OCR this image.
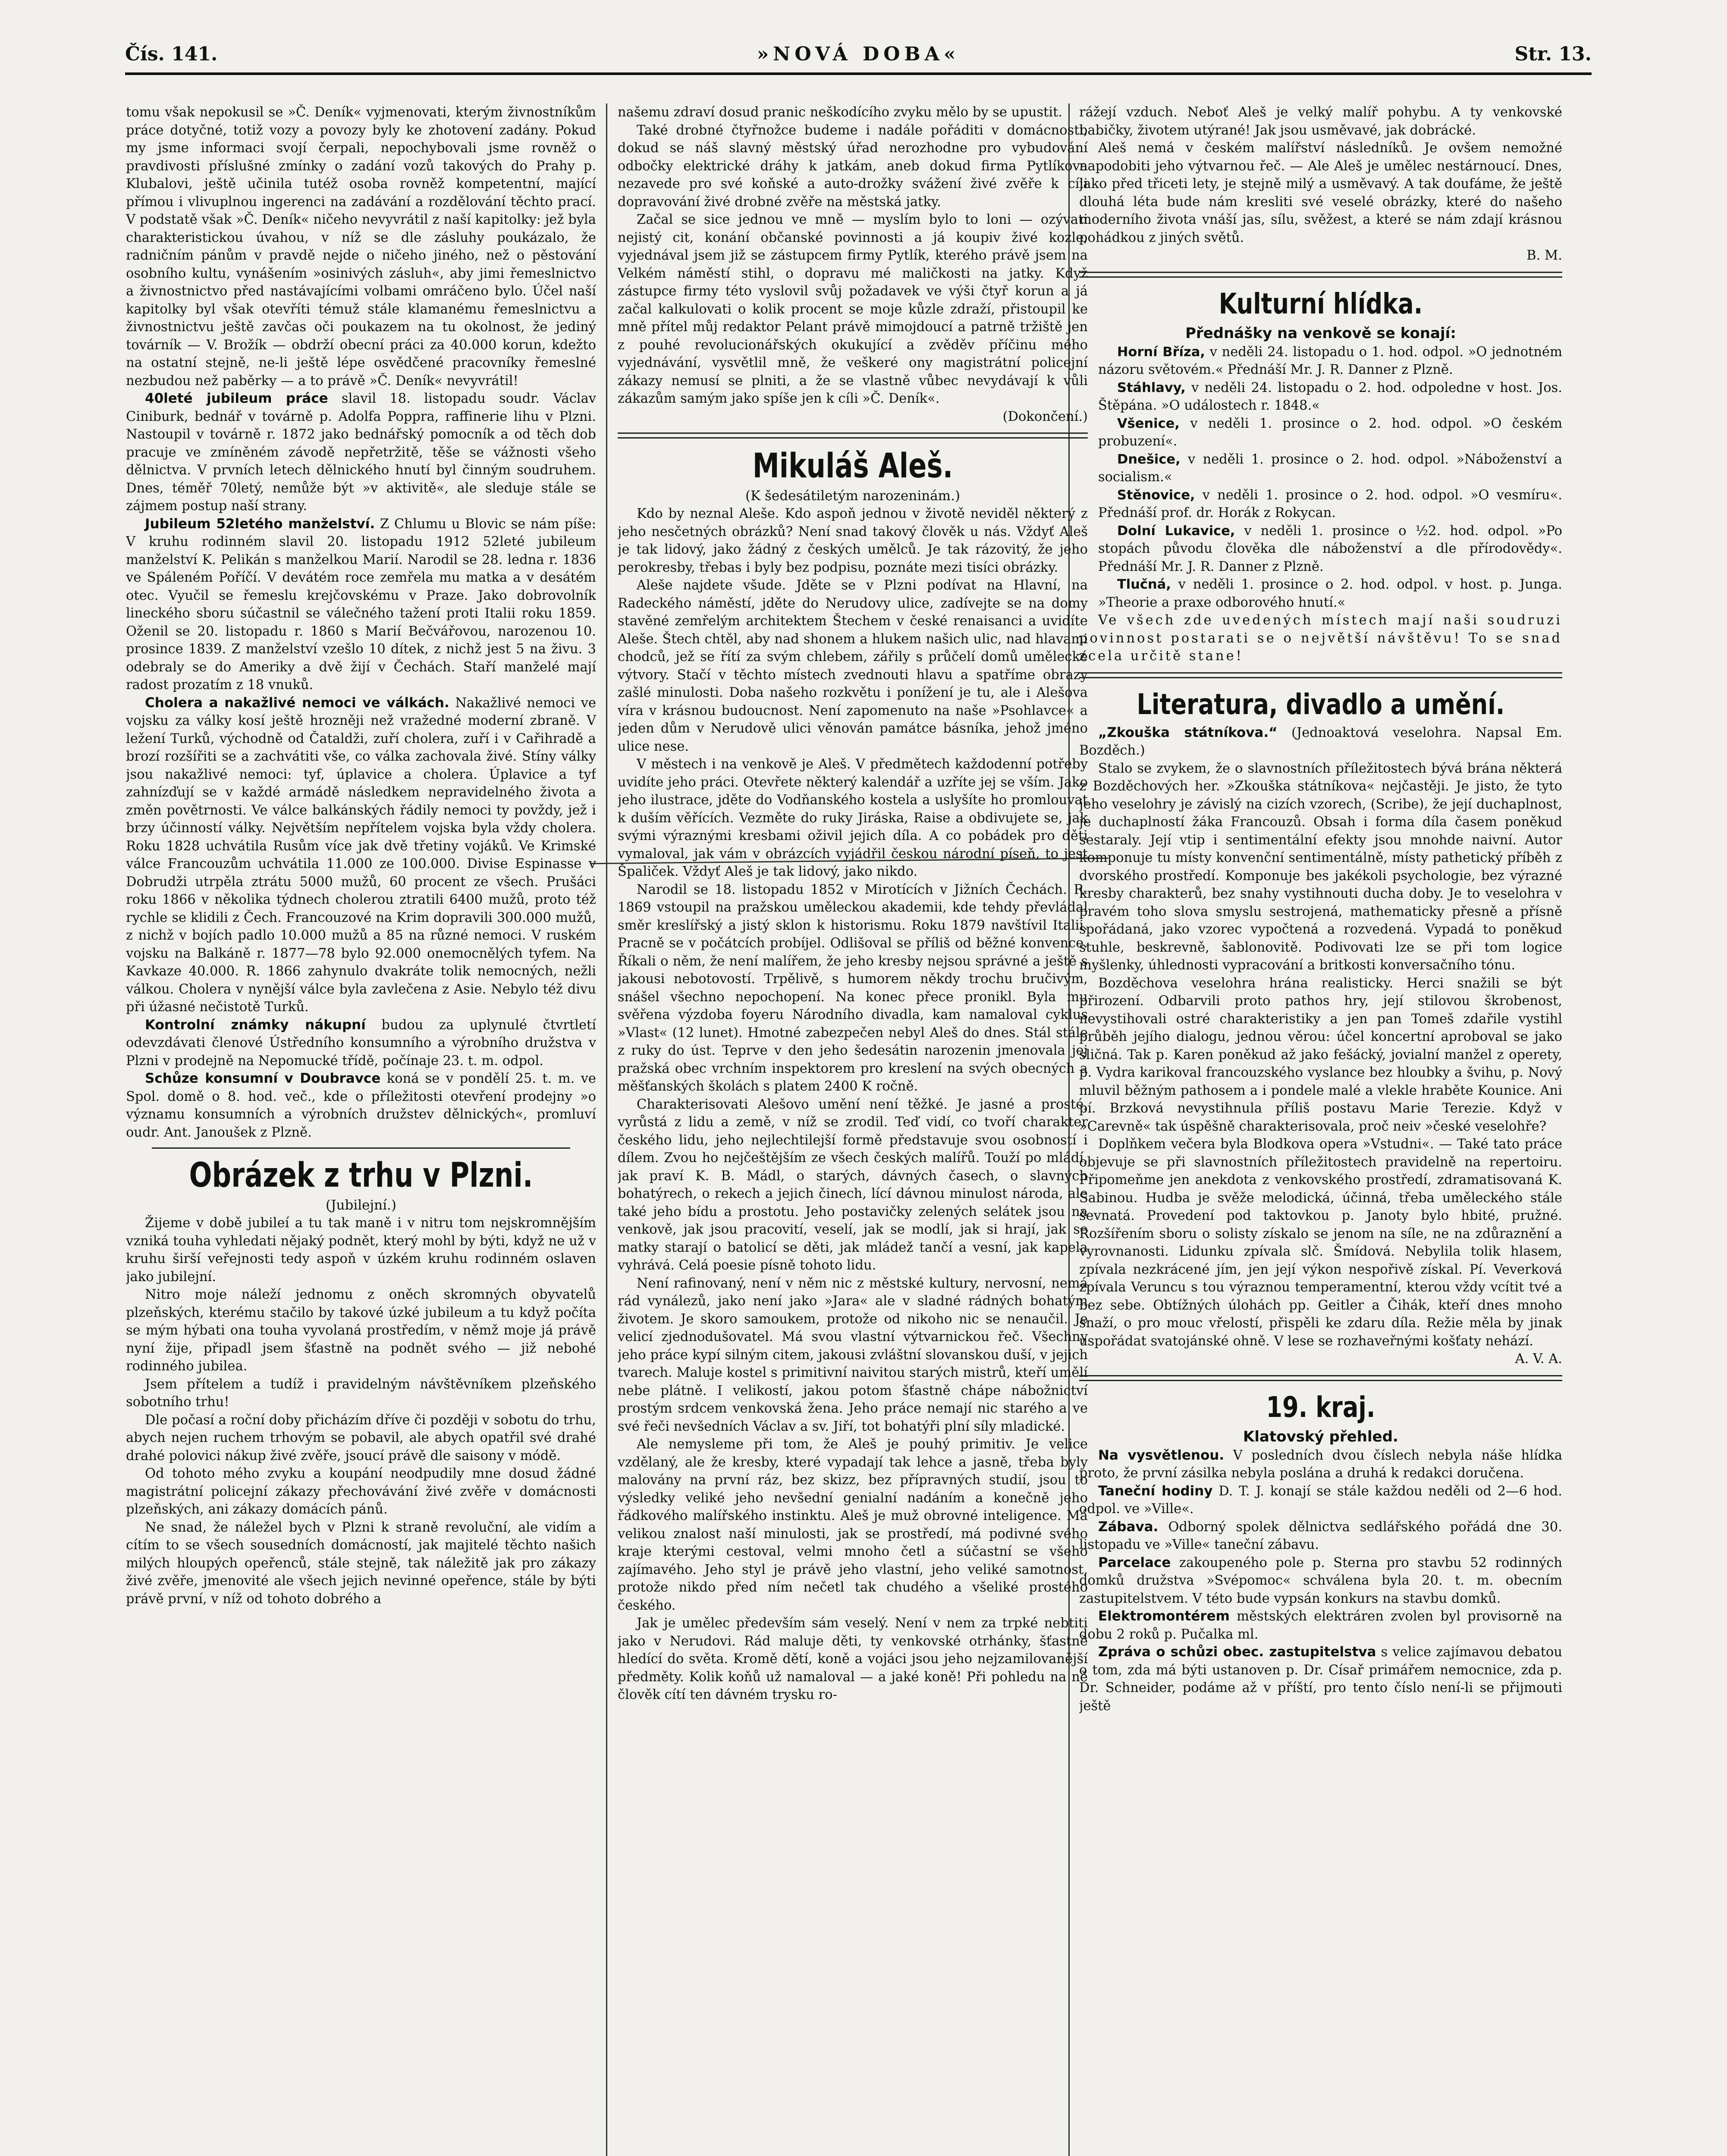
Čís. 141.	»NOVÁ DOBA«	Str. 13.

tomu však nepokusil se »Č. Deník« vyjmenovati, kterým živnostníkům práce dotyčné, totiž vozy a povozy byly ke zhotovení zadány. Pokud my jsme informaci svojí čerpali, nepochybovali jsme rovněž o pravdivosti příslušné zmínky o zadání vozů takových do Prahy p. Klubalovi, ještě učinila tutéž osoba rovněž kompetentní, mající přímou i vlivuplnou ingerenci na zadávání a rozdělování těchto prací. V podstatě však »Č. Deník« ničeho nevyvrátil z naší kapitolky: jež byla charakteristickou úvahou, v níž se dle zásluhy poukázalo, že radničním pánům v pravdě nejde o ničeho jiného, než o pěstování osobního kultu, vynášením »osinivých zásluh«, aby jimi řemeslnictvo a živnostnictvo před nastávajícími volbami omráčeno bylo. Účel naší kapitolky byl však otevříti témuž stále klamanému řemeslnictvu a živnostnictvu ještě zavčas oči poukazem na tu okolnost, že jediný továrník — V. Brožík — obdrží obecní práci za 40.000 korun, kdežto na ostatní stejně, ne-li ještě lépe osvědčené pracovníky řemeslné nezbudou než paběrky — a to právě »Č. Deník« nevyvrátil!

40leté jubileum práce slavil 18. listopadu soudr. Václav Ciniburk, bednář v továrně p. Adolfa Poppra, raffinerie lihu v Plzni. Nastoupil v továrně r. 1872 jako bednářský pomocník a od těch dob pracuje ve zmíněném závodě nepřetržitě, těše se vážnosti všeho dělnictva. V prvních letech dělnického hnutí byl činným soudruhem. Dnes, téměř 70letý, nemůže být »v aktivitě«, ale sleduje stále se zájmem postup naší strany.

Jubileum 52letého manželství. Z Chlumu u Blovic se nám píše: V kruhu rodinném slavil 20. listopadu 1912 52leté jubileum manželství K. Pelikán s manželkou Marií. Narodil se 28. ledna r. 1836 ve Spáleném Poříčí. V devátém roce zemřela mu matka a v desátém otec. Vyučil se řemeslu krejčovskému v Praze. Jako dobrovolník lineckého sboru súčastnil se válečného tažení proti Italii roku 1859. Oženil se 20. listopadu r. 1860 s Marií Bečvářovou, narozenou 10. prosince 1839. Z manželství vzešlo 10 dítek, z nichž jest 5 na živu. 3 odebraly se do Ameriky a dvě žijí v Čechách. Staří manželé mají radost prozatím z 18 vnuků.

Cholera a nakažlivé nemoci ve válkách. Nakažlivé nemoci ve vojsku za války kosí ještě hrozněji než vražedné moderní zbraně. V ležení Turků, východně od Čataldži, zuří cholera, zuří i v Cařihradě a brozí rozšířiti se a zachvátiti vše, co válka zachovala živé. Stíny války jsou nakažlivé nemoci: tyf, úplavice a cholera. Úplavice a tyf zahnízďují se v každé armádě následkem nepravidelného života a změn povětrnosti. Ve válce balkánských řádily nemoci ty povždy, jež i brzy účinností války. Největším nepřítelem vojska byla vždy cholera. Roku 1828 uchvátila Rusům více jak dvě třetiny vojáků. Ve Krimské válce Francouzům uchvátila 11.000 ze 100.000. Divise Espinasse v Dobrudži utrpěla ztrátu 5000 mužů, 60 procent ze všech. Prušáci roku 1866 v několika týdnech cholerou ztratili 6400 mužů, proto též rychle se klidili z Čech. Francouzové na Krim dopravili 300.000 mužů, z nichž v bojích padlo 10.000 mužů a 85 na různé nemoci. V ruském vojsku na Balkáně r. 1877—78 bylo 92.000 onemocnělých tyfem. Na Kavkaze 40.000. R. 1866 zahynulo dvakráte tolik nemocných, nežli válkou. Cholera v nynější válce byla zavlečena z Asie. Nebylo též divu při úžasné nečistotě Turků.

Kontrolní známky nákupní budou za uplynulé čtvrtletí odevzdávati členové Ústředního konsumního a výrobního družstva v Plzni v prodejně na Nepomucké třídě, počínaje 23. t. m. odpol.

Schůze konsumní v Doubravce koná se v pondělí 25. t. m. ve Spol. domě o 8. hod. več., kde o příležitosti otevření prodejny »o významu konsumních a výrobních družstev dělnických«, promluví oudr. Ant. Janoušek z Plzně.

Obrázek z trhu v Plzni.
(Jubilejní.)

Žijeme v době jubileí a tu tak maně i v nitru tom nejskromnějším vzniká touha vyhledati nějaký podnět, který mohl by býti, když ne už v kruhu širší veřejnosti tedy aspoň v úzkém kruhu rodinném oslaven jako jubilejní.

Nitro moje náleží jednomu z oněch skromných obyvatelů plzeňských, kterému stačilo by takové úzké jubileum a tu když počíta se mým hýbati ona touha vyvolaná prostředím, v němž moje já právě nyní žije, připadl jsem šťastně na podnět svého — již nebohé rodinného jubilea.

Jsem přítelem a tudíž i pravidelným návštěvníkem plzeňského sobotního trhu!

Dle počasí a roční doby přicházím dříve či později v sobotu do trhu, abych nejen ruchem trhovým se pobavil, ale abych opatřil své drahé drahé polovici nákup živé zvěře, jsoucí právě dle saisony v módě.

Od tohoto mého zvyku a koupání neodpudily mne dosud žádné magistrátní policejní zákazy přechovávání živé zvěře v domácnosti plzeňských, ani zákazy domácích pánů.

Ne snad, že náležel bych v Plzni k straně revoluční, ale vidím a cítím to se všech sousedních domácností, jak majitelé těchto našich milých hloupých opeřenců, stále stejně, tak náležitě jak pro zákazy živé zvěře, jmenovité ale všech jejich nevinné opeřence, stále by býti právě první, v níž od tohoto dobrého a

našemu zdraví dosud pranic neškodícího zvyku mělo by se upustit.

Také drobné čtyřnožce budeme i nadále pořáditi v domácnosti, dokud se náš slavný městský úřad nerozhodne pro vybudování odbočky elektrické dráhy k jatkám, aneb dokud firma Pytlíkova nezavede pro své koňské a auto-drožky svážení živé zvěře k cíli dopravování živé drobné zvěře na městská jatky.

Začal se sice jednou ve mně — myslím bylo to loni — ozývati nejistý cit, konání občanské povinnosti a já koupiv živé kozle, vyjednával jsem již se zástupcem firmy Pytlík, kterého právě jsem na Velkém náměstí stihl, o dopravu mé maličkosti na jatky. Když zástupce firmy této vyslovil svůj požadavek ve výši čtyř korun a já začal kalkulovati o kolik procent se moje kůzle zdraží, přistoupil ke mně přítel můj redaktor Pelant právě mimojdoucí a patrně tržiště jen z pouhé revolucionářských okukující a zvěděv příčinu mého vyjednávání, vysvětlil mně, že veškeré ony magistrátní policejní zákazy nemusí se plniti, a že se vlastně vůbec nevydávají k vůli zákazům samým jako spíše jen k cíli »Č. Deník«.

(Dokončení.)
Mikuláš Aleš.
(K šedesátiletým narozeninám.)

Kdo by neznal Aleše. Kdo aspoň jednou v životě neviděl některý z jeho nesčetných obrázků? Není snad takový člověk u nás. Vždyť Aleš je tak lidový, jako žádný z českých umělců. Je tak rázovitý, že jeho perokresby, třebas i byly bez podpisu, poznáte mezi tisíci obrázky.

Aleše najdete všude. Jděte se v Plzni podívat na Hlavní, na Radeckého náměstí, jděte do Nerudovy ulice, zadívejte se na domy stavěné zemřelým architektem Štechem v české renaisanci a uvidíte Aleše. Štech chtěl, aby nad shonem a hlukem našich ulic, nad hlavami chodců, jež se řítí za svým chlebem, zářily s průčelí domů umělecké výtvory. Stačí v těchto místech zvednouti hlavu a spatříme obrazy zašlé minulosti. Doba našeho rozkvětu i ponížení je tu, ale i Alešova víra v krásnou budoucnost. Není zapomenuto na naše »Psohlavce« a jeden dům v Nerudově ulici věnován památce básníka, jehož jméno ulice nese.

V městech i na venkově je Aleš. V předmětech každodenní potřeby uvidíte jeho práci. Otevřete některý kalendář a uzříte jej se vším. Jako jeho ilustrace, jděte do Vodňanského kostela a uslyšíte ho promlouvat k duším věřících. Vezměte do ruky Jiráska, Raise a obdivujete se, jak svými výraznými kresbami oživil jejich díla. A co pobádek pro děti vymaloval, jak vám v obrázcích vyjádřil českou národní píseň, to jest Špaliček. Vždyť Aleš je tak lidový, jako nikdo.

Narodil se 18. listopadu 1852 v Mirotících v Jižních Čechách. R. 1869 vstoupil na pražskou uměleckou akademii, kde tehdy převládal směr kreslířský a jistý sklon k historismu. Roku 1879 navštívil Italii. Pracně se v počátcích probíjel. Odlišoval se příliš od běžné konvence. Říkali o něm, že není malířem, že jeho kresby nejsou správné a ještě s jakousi nebotovostí. Trpělivě, s humorem někdy trochu bručivým, snášel všechno nepochopení. Na konec přece pronikl. Byla mu svěřena výzdoba foyeru Národního divadla, kam namaloval cyklus »Vlast« (12 lunet). Hmotné zabezpečen nebyl Aleš do dnes. Stál stále z ruky do úst. Teprve v den jeho šedesátin narozenin jmenovala jej pražská obec vrchním inspektorem pro kreslení na svých obecných a měšťanských školách s platem 2400 K ročně.

Charakterisovati Alešovo umění není těžké. Je jasné a prosté, vyrůstá z lidu a země, v níž se zrodil. Teď vidí, co tvoří charakter českého lidu, jeho nejlechtilejší formě představuje svou osobností i dílem. Zvou ho nejčeštějším ze všech českých malířů. Touží po mládí, jak praví K. B. Mádl, o starých, dávných časech, o slavných bohatýrech, o rekech a jejich činech, lící dávnou minulost národa, ale také jeho bídu a prostotu. Jeho postavičky zelených selátek jsou na venkově, jak jsou pracovití, veselí, jak se modlí, jak si hrají, jak se matky starají o batolicí se děti, jak mládež tančí a vesní, jak kapela vyhrává. Celá poesie písně tohoto lidu.

Není rafinovaný, není v něm nic z městské kultury, nervosní, nemá rád vynálezů, jako není jako »Jara« ale v sladné rádných bohatým životem. Je skoro samoukem, protože od nikoho nic se nenaučil. Je velicí zjednodušovatel. Má svou vlastní výtvarnickou řeč. Všechny jeho práce kypí silným citem, jakousi zvláštní slovanskou duší, v jejich tvarech. Maluje kostel s primitivní naivitou starých mistrů, kteří umělí nebe plátně. I velikostí, jakou potom šťastně chápe nábožnictví prostým srdcem venkovská žena. Jeho práce nemají nic starého a ve své řeči nevšedních Václav a sv. Jiří, tot bohatýři plní síly mladické.

Ale nemysleme při tom, že Aleš je pouhý primitiv. Je velice vzdělaný, ale že kresby, které vypadají tak lehce a jasně, třeba byly malovány na první ráz, bez skizz, bez přípravných studií, jsou to výsledky veliké jeho nevšední genialní nadáním a konečně jeho řádkového malířského instinktu. Aleš je muž obrovné inteligence. Má velikou znalost naší minulosti, jak se prostředí, má podivné svého kraje kterými cestoval, velmi mnoho četl a súčastní se všeho zajímavého. Jeho styl je právě jeho vlastní, jeho veliké samotnost, protože nikdo před ním nečetl tak chudého a všeliké prostého českého.

Jak je umělec především sám veselý. Není v nem za trpké nebtiti jako v Nerudovi. Rád maluje děti, ty venkovské otrhánky, šťastně hledící do světa. Kromě dětí, koně a vojáci jsou jeho nejzamilovanější předměty. Kolik koňů už namaloval — a jaké koně! Při pohledu na ně člověk cítí ten dávném trysku ro-

rážejí vzduch. Neboť Aleš je velký malíř pohybu. A ty venkovské babičky, životem utýrané! Jak jsou usměvavé, jak dobrácké.

Aleš nemá v českém malířství následníků. Je ovšem nemožné napodobiti jeho výtvarnou řeč. — Ale Aleš je umělec nestárnoucí. Dnes, jako před třiceti lety, je stejně milý a usměvavý. A tak doufáme, že ještě dlouhá léta bude nám kresliti své veselé obrázky, které do našeho moderního života vnáší jas, sílu, svěžest, a které se nám zdají krásnou pohádkou z jiných světů.

B. M.
Kulturní hlídka.
Přednášky na venkově se konají:

Horní Bříza, v neděli 24. listopadu o 1. hod. odpol. »O jednotném názoru světovém.« Přednáší Mr. J. R. Danner z Plzně.

Stáhlavy, v neděli 24. listopadu o 2. hod. odpoledne v host. Jos. Štěpána. »O událostech r. 1848.«

Všenice, v neděli 1. prosince o 2. hod. odpol. »O českém probuzení«.

Dnešice, v neděli 1. prosince o 2. hod. odpol. »Náboženství a socialism.«

Stěnovice, v neděli 1. prosince o 2. hod. odpol. »O vesmíru«. Přednáší prof. dr. Horák z Rokycan.

Dolní Lukavice, v neděli 1. prosince o ½2. hod. odpol. »Po stopách původu člověka dle náboženství a dle přírodovědy«. Přednáší Mr. J. R. Danner z Plzně.

Tlučná, v neděli 1. prosince o 2. hod. odpol. v host. p. Junga. »Theorie a praxe odborového hnutí.«

Ve všech zde uvedených místech mají naši soudruzi povinnost postarati se o největší návštěvu! To se snad zcela určitě stane!

Literatura, divadlo a umění.

„Zkouška státníkova.“ (Jednoaktová veselohra. Napsal Em. Bozděch.)

Stalo se zvykem, že o slavnostních příležitostech bývá brána některá z Bozděchových her. »Zkouška státníkova« nejčastěji. Je jisto, že tyto jeho veselohry je závislý na cizích vzorech, (Scribe), že její duchaplnost, je duchaplností žáka Francouzů. Obsah i forma díla časem poněkud sestaraly. Její vtip i sentimentální efekty jsou mnohde naivní. Autor komponuje tu místy konvenční sentimentálně, místy pathetický příběh z dvorského prostředí. Komponuje bes jakékoli psychologie, bez výrazné kresby charakterů, bez snahy vystihnouti ducha doby. Je to veselohra v pravém toho slova smyslu sestrojená, mathematicky přesně a přísně spořádaná, jako vzorec vypočtená a rozvedená. Vypadá to poněkud stuhle, beskrevně, šablonovitě. Podivovati lze se při tom logice myšlenky, úhlednosti vypracování a britkosti konversačního tónu.

Bozděchova veselohra hrána realisticky. Herci snažili se být přirození. Odbarvili proto pathos hry, její stilovou škrobenost, nevystihovali ostré charakteristiky a jen pan Tomeš zdařile vystihl průběh jejího dialogu, jednou věrou: účel koncertní aproboval se jako sličná. Tak p. Karen poněkud až jako fešácký, jovialní manžel z operety, p. Vydra karikoval francouzského vyslance bez hloubky a švihu, p. Nový mluvil běžným pathosem a i pondele malé a vlekle hraběte Kounice. Ani pí. Brzková nevystihnula příliš postavu Marie Terezie. Když v »Carevně« tak úspěšně charakterisovala, proč neiv »české veselohře?

Doplňkem večera byla Blodkova opera »Vstudni«. — Také tato práce objevuje se při slavnostních příležitostech pravidelně na repertoiru. Připomeňme jen anekdota z venkovského prostředí, zdramatisovaná K. Sabinou. Hudba je svěže melodická, účinná, třeba uměleckého stále ševnatá. Provedení pod taktovkou p. Janoty bylo hbité, pružné. Rozšířením sboru o solisty získalo se jenom na síle, ne na zdůraznění a vyrovnanosti. Lidunku zpívala slč. Šmídová. Nebylila tolik hlasem, zpívala nezkrácené jím, jen její výkon nespořivě získal. Pí. Veverková zpívala Veruncu s tou výraznou temperamentní, kterou vždy vcítit tvé a bez sebe. Obtížných úlohách pp. Geitler a Čihák, kteří dnes mnoho snaží, o pro mouc vřelostí, přispěli ke zdaru díla. Režie měla by jinak uspořádat svatojánské ohně. V lese se rozhaveřnými košťaty nehází.

A. V. A.
19. kraj.
Klatovský přehled.

Na vysvětlenou. V posledních dvou číslech nebyla náše hlídka proto, že první zásilka nebyla poslána a druhá k redakci doručena.

Taneční hodiny D. T. J. konají se stále každou neděli od 2—6 hod. odpol. ve »Ville«.

Zábava. Odborný spolek dělnictva sedlářského pořádá dne 30. listopadu ve »Ville« taneční zábavu.

Parcelace zakoupeného pole p. Sterna pro stavbu 52 rodinných domků družstva »Svépomoc« schválena byla 20. t. m. obecním zastupitelstvem. V této bude vypsán konkurs na stavbu domků.

Elektromontérem městských elektráren zvolen byl provisorně na dobu 2 roků p. Pučalka ml.

Zpráva o schůzi obec. zastupitelstva s velice zajímavou debatou o tom, zda má býti ustanoven p. Dr. Císař primářem nemocnice, zda p. Dr. Schneider, podáme až v příští, pro tento číslo není-li se přijmouti ještě
